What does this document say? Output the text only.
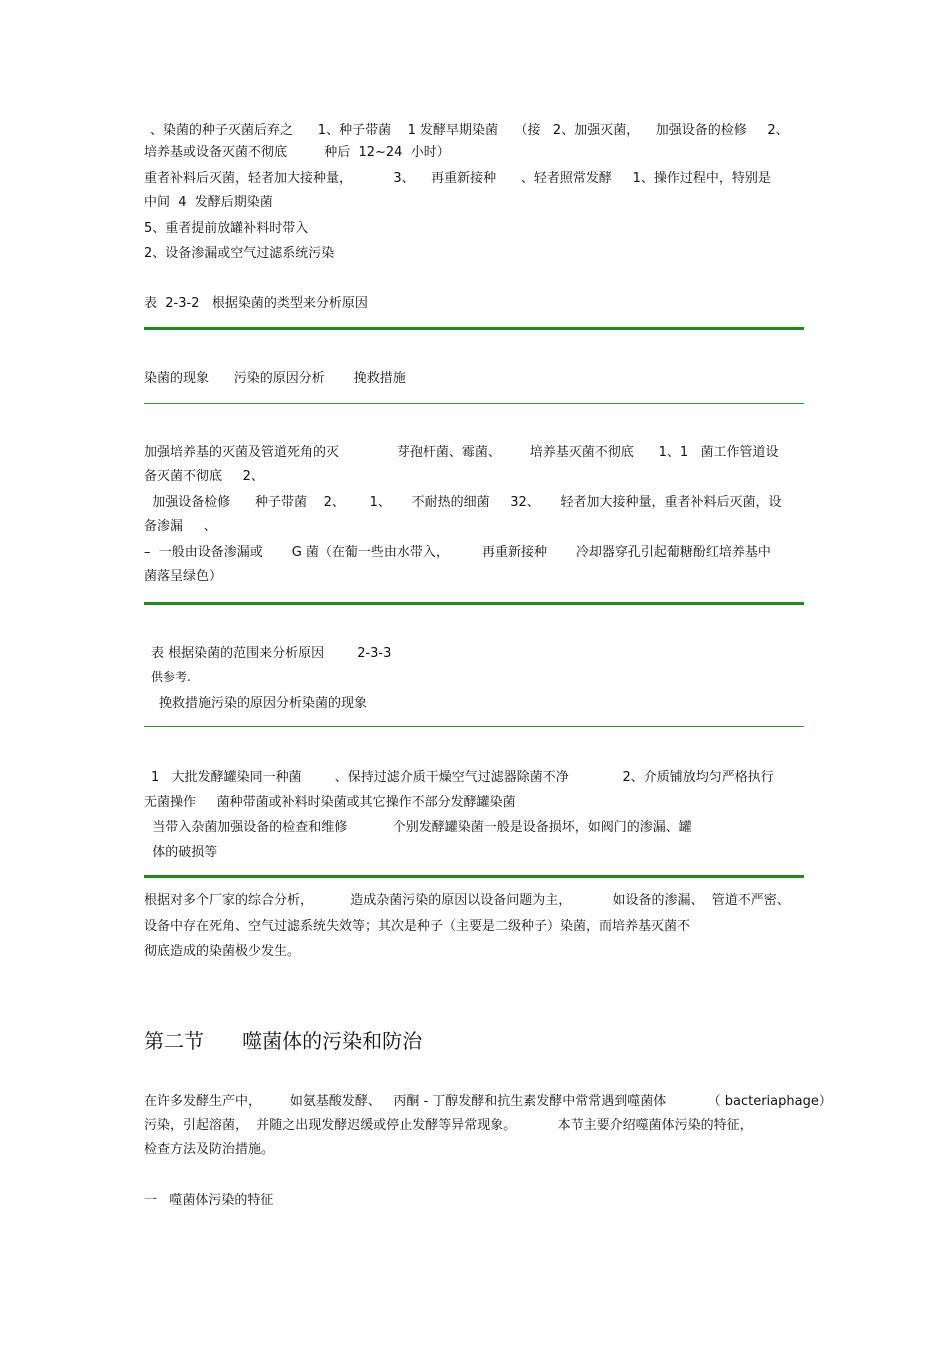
、染菌的种子灭菌后弃之      1、种子带菌    1 发酵早期染菌    （接   2、加强灭菌，    加强设备的检修     2、
培养基或设备灭菌不彻底         种后  12~24  小时）
重者补料后灭菌，轻者加大接种量，          3、    再重新接种      、轻者照常发酵     1、操作过程中，特别是
中间  4  发酵后期染菌
5、重者提前放罐补料时带入
2、设备渗漏或空气过滤系统污染
表  2-3-2   根据染菌的类型来分析原因
染菌的现象      污染的原因分析       挽救措施
加强培养基的灭菌及管道死角的灭              芽孢杆菌、霉菌、       培养基灭菌不彻底      1、1   菌工作管道设
备灭菌不彻底     2、
加强设备检修      种子带菌    2、      1、     不耐热的细菌     32、     轻者加大接种量，重者补料后灭菌，设
备渗漏     、
–  一般由设备渗漏或       G 菌（在葡一些由水带入，        再重新接种       冷却器穿孔引起葡糖酚红培养基中
菌落呈绿色）
表 根据染菌的范围来分析原因        2-3-3
供参考.
挽救措施污染的原因分析染菌的现象
1   大批发酵罐染同一种菌        、保持过滤介质干燥空气过滤器除菌不净             2、介质铺放均匀严格执行
无菌操作     菌种带菌或补料时染菌或其它操作不部分发酵罐染菌
当带入杂菌加强设备的检查和维修           个别发酵罐染菌一般是设备损坏，如阀门的渗漏、罐
体的破损等
根据对多个厂家的综合分析，         造成杂菌污染的原因以设备问题为主，          如设备的渗漏、  管道不严密、
设备中存在死角、空气过滤系统失效等；其次是种子（主要是二级种子）染菌，而培养基灭菌不
彻底造成的染菌极少发生。
第二节      噬菌体的污染和防治
在许多发酵生产中，       如氨基酸发酵、   丙酮 - 丁醇发酵和抗生素发酵中常常遇到噬菌体          （ bacteriaphage）
污染，引起溶菌，  并随之出现发酵迟缓或停止发酵等异常现象。          本节主要介绍噬菌体污染的特征，
检查方法及防治措施。
一   噬菌体污染的特征
